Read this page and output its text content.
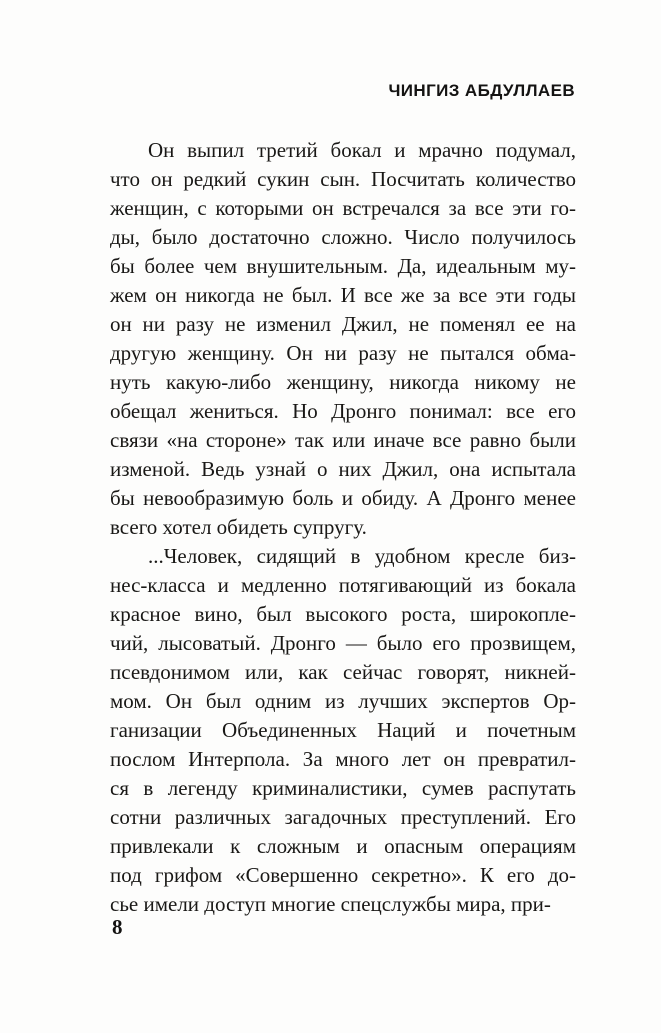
ЧИНГИЗ АБДУЛЛАЕВ
Он выпил третий бокал и мрачно подумал,
что он редкий сукин сын. Посчитать количество
женщин, с которыми он встречался за все эти го-
ды, было достаточно сложно. Число получилось
бы более чем внушительным. Да, идеальным му-
жем он никогда не был. И все же за все эти годы
он ни разу не изменил Джил, не поменял ее на
другую женщину. Он ни разу не пытался обма-
нуть какую-либо женщину, никогда никому не
обещал жениться. Но Дронго понимал: все его
связи «на стороне» так или иначе все равно были
изменой. Ведь узнай о них Джил, она испытала
бы невообразимую боль и обиду. А Дронго менее
всего хотел обидеть супругу.
...Человек, сидящий в удобном кресле биз-
нес-класса и медленно потягивающий из бокала
красное вино, был высокого роста, широкопле-
чий, лысоватый. Дронго — было его прозвищем,
псевдонимом или, как сейчас говорят, никней-
мом. Он был одним из лучших экспертов Ор-
ганизации Объединенных Наций и почетным
послом Интерпола. За много лет он превратил-
ся в легенду криминалистики, сумев распутать
сотни различных загадочных преступлений. Его
привлекали к сложным и опасным операциям
под грифом «Совершенно секретно». К его до-
сье имели доступ многие спецслужбы мира, при-
8
